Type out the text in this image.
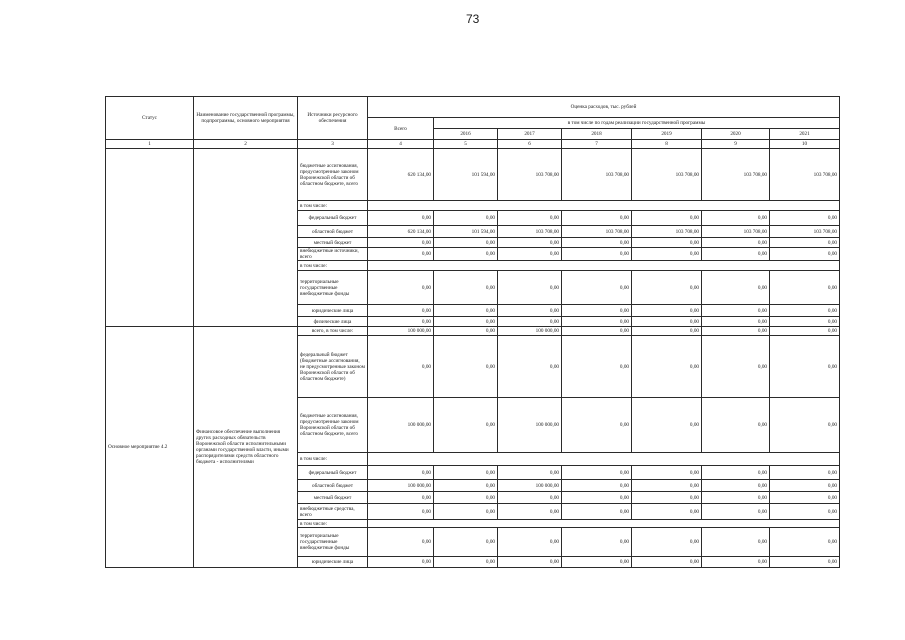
73
Статус	Наименование государственной программы, подпрограммы, основного мероприятия	Источники ресурсного обеспечения	Оценка расходов, тыс. рублей						
			Всего	в том числе по годам реализации государственной программы					
				2016	2017	2018	2019	2020	2021
1	2	3	4	5	6	7	8	9	10
		бюджетные ассигнования, предусмотренные законом Воронежской области об областном бюджете, всего	620 134,00	101 594,00	103 708,00	103 708,00	103 708,00	103 708,00	103 708,00
		в том числе:							
		федеральный бюджет	0,00	0,00	0,00	0,00	0,00	0,00	0,00
		областной бюджет	620 134,00	101 594,00	103 708,00	103 708,00	103 708,00	103 708,00	103 708,00
		местный бюджет	0,00	0,00	0,00	0,00	0,00	0,00	0,00
		внебюджетные источники, всего	0,00	0,00	0,00	0,00	0,00	0,00	0,00
		в том числе:							
		территориальные государственные внебюджетные фонды	0,00	0,00	0,00	0,00	0,00	0,00	0,00
		юридические лица	0,00	0,00	0,00	0,00	0,00	0,00	0,00
		физические лица	0,00	0,00	0,00	0,00	0,00	0,00	0,00
Основное мероприятие 4.2	Финансовое обеспечение выполнения других расходных обязательств Воронежской области исполнительными органами государственной власти, иными распорядителями средств областного бюджета - исполнителями	всего, в том числе:	100 000,00	0,00	100 000,00	0,00	0,00	0,00	0,00
		федеральный бюджет (бюджетные ассигнования, не предусмотренные законом Воронежской области об областном бюджете)	0,00	0,00	0,00	0,00	0,00	0,00	0,00
		бюджетные ассигнования, предусмотренные законом Воронежской области об областном бюджете, всего	100 000,00	0,00	100 000,00	0,00	0,00	0,00	0,00
		в том числе:							
		федеральный бюджет	0,00	0,00	0,00	0,00	0,00	0,00	0,00
		областной бюджет	100 000,00	0,00	100 000,00	0,00	0,00	0,00	0,00
		местный бюджет	0,00	0,00	0,00	0,00	0,00	0,00	0,00
		внебюджетные средства, всего	0,00	0,00	0,00	0,00	0,00	0,00	0,00
		в том числе:							
		территориальные государственные внебюджетные фонды	0,00	0,00	0,00	0,00	0,00	0,00	0,00
		юридические лица	0,00	0,00	0,00	0,00	0,00	0,00	0,00
